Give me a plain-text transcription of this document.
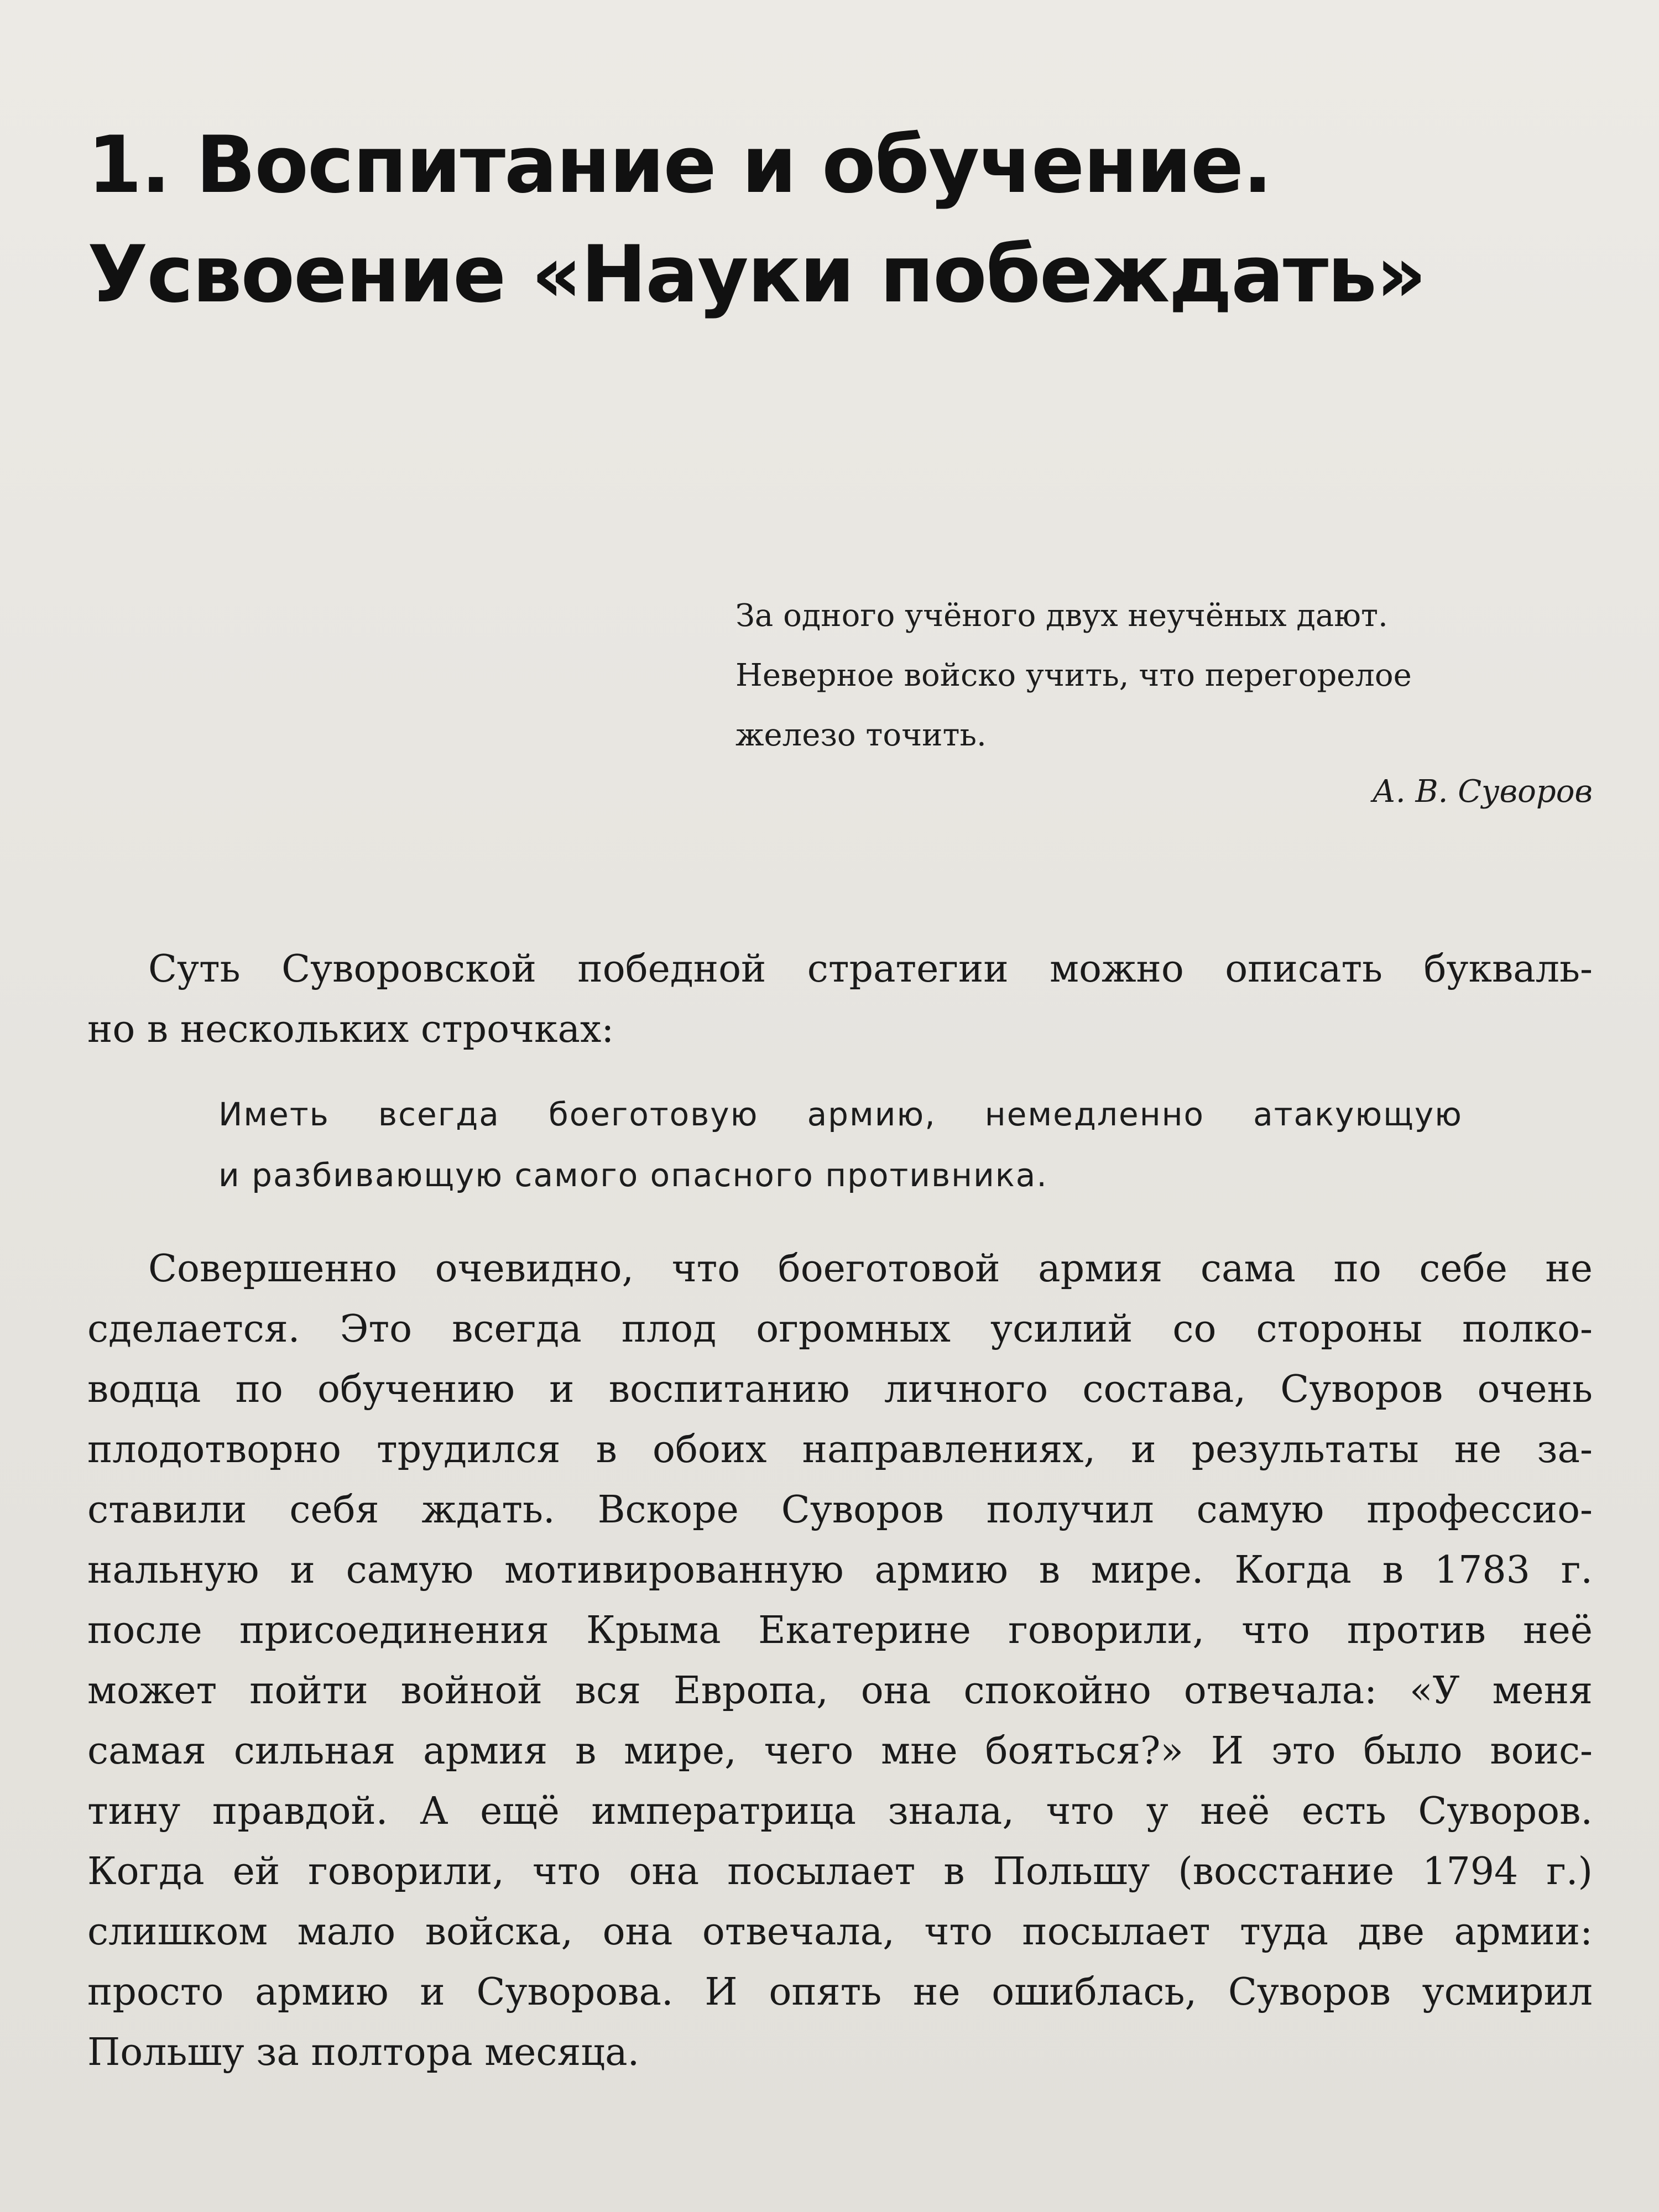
1. Воспитание и обучение.
Усвоение «Науки побеждать»
За одного учёного двух неучёных дают.
Неверное войско учить, что перегорелое
железо точить.
А. В. Суворов
Суть Суворовской победной стратегии можно описать букваль-
но в нескольких строчках:
Иметь всегда боеготовую армию, немедленно атакующую
и разбивающую самого опасного противника.
Совершенно очевидно, что боеготовой армия сама по себе не
сделается. Это всегда плод огромных усилий со стороны полко-
водца по обучению и воспитанию личного состава, Суворов очень
плодотворно трудился в обоих направлениях, и результаты не за-
ставили себя ждать. Вскоре Суворов получил самую профессио-
нальную и самую мотивированную армию в мире. Когда в 1783 г.
после присоединения Крыма Екатерине говорили, что против неё
может пойти войной вся Европа, она спокойно отвечала: «У меня
самая сильная армия в мире, чего мне бояться?» И это было воис-
тину правдой. А ещё императрица знала, что у неё есть Суворов.
Когда ей говорили, что она посылает в Польшу (восстание 1794 г.)
слишком мало войска, она отвечала, что посылает туда две армии:
просто армию и Суворова. И опять не ошиблась, Суворов усмирил
Польшу за полтора месяца.
